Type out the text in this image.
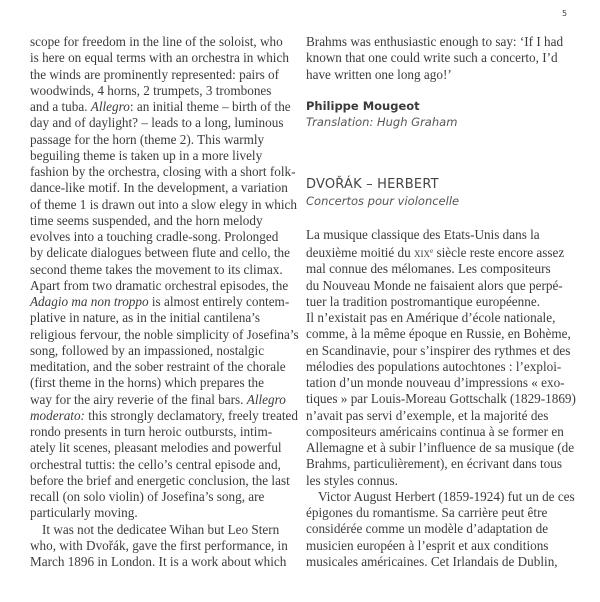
5
scope for freedom in the line of the soloist, who
is here on equal terms with an orchestra in which
the winds are prominently represented: pairs of
woodwinds, 4 horns, 2 trumpets, 3 trombones
and a tuba. Allegro: an initial theme – birth of the
day and of daylight? – leads to a long, luminous
passage for the horn (theme 2). This warmly
beguiling theme is taken up in a more lively
fashion by the orchestra, closing with a short folk-
dance-like motif. In the development, a variation
of theme 1 is drawn out into a slow elegy in which
time seems suspended, and the horn melody
evolves into a touching cradle-song. Prolonged
by delicate dialogues between flute and cello, the
second theme takes the movement to its climax.
Apart from two dramatic orchestral episodes, the
Adagio ma non troppo is almost entirely contem-
plative in nature, as in the initial cantilena’s
religious fervour, the noble simplicity of Josefina’s
song, followed by an impassioned, nostalgic
meditation, and the sober restraint of the chorale
(first theme in the horns) which prepares the
way for the airy reverie of the final bars. Allegro
moderato: this strongly declamatory, freely treated
rondo presents in turn heroic outbursts, intim-
ately lit scenes, pleasant melodies and powerful
orchestral tuttis: the cello’s central episode and,
before the brief and energetic conclusion, the last
recall (on solo violin) of Josefina’s song, are
particularly moving.
It was not the dedicatee Wihan but Leo Stern
who, with Dvořák, gave the first performance, in
March 1896 in London. It is a work about which
Brahms was enthusiastic enough to say: ‘If I had
known that one could write such a concerto, I’d
have written one long ago!’
Philippe Mougeot
Translation: Hugh Graham
DVOŘÁK – HERBERT
Concertos pour violoncelle
La musique classique des Etats-Unis dans la
deuxième moitié du xix$^e$ siècle reste encore assez
mal connue des mélomanes. Les compositeurs
du Nouveau Monde ne faisaient alors que perpé-
tuer la tradition postromantique européenne.
Il n’existait pas en Amérique d’école nationale,
comme, à la même époque en Russie, en Bohème,
en Scandinavie, pour s’inspirer des rythmes et des
mélodies des populations autochtones : l’exploi-
tation d’un monde nouveau d’impressions « exo-
tiques » par Louis-Moreau Gottschalk (1829-1869)
n’avait pas servi d’exemple, et la majorité des
compositeurs américains continua à se former en
Allemagne et à subir l’influence de sa musique (de
Brahms, particulièrement), en écrivant dans tous
les styles connus.
Victor August Herbert (1859-1924) fut un de ces
épigones du romantisme. Sa carrière peut être
considérée comme un modèle d’adaptation de
musicien européen à l’esprit et aux conditions
musicales américaines. Cet Irlandais de Dublin,
